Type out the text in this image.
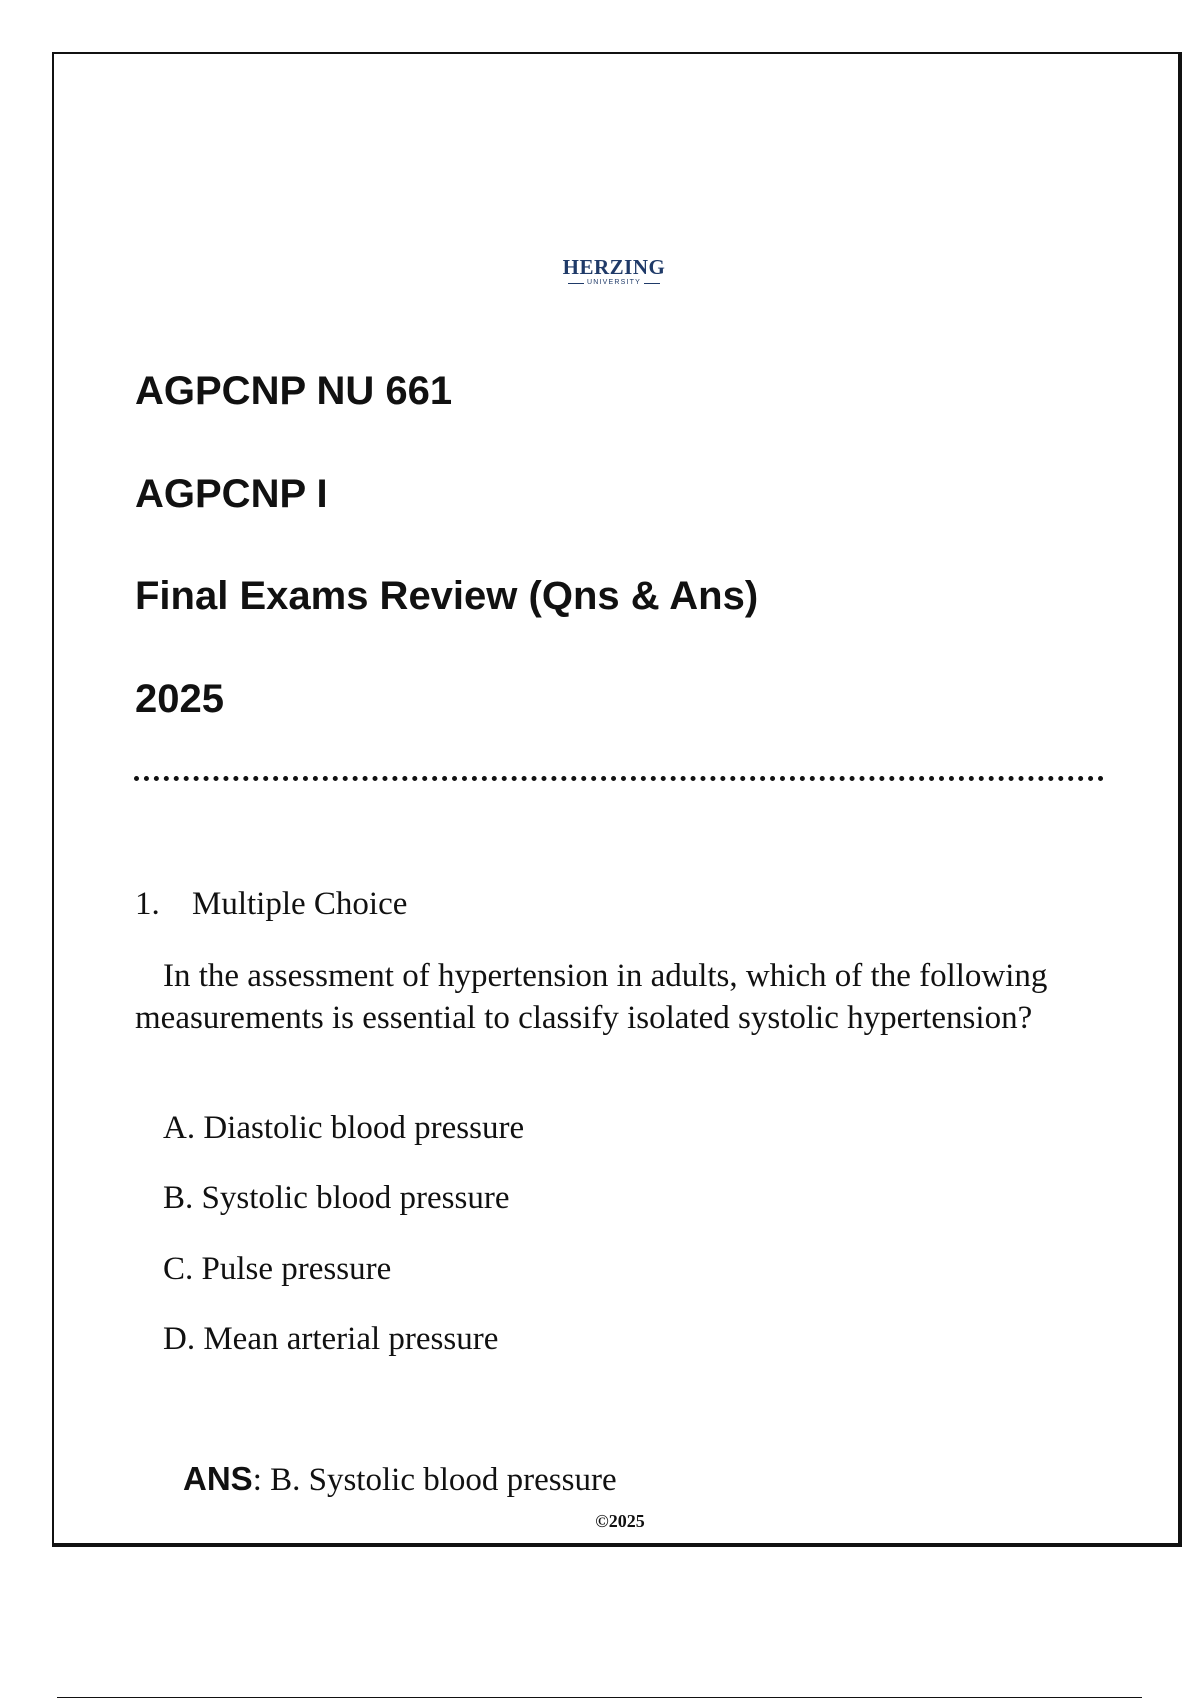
HERZING
UNIVERSITY
AGPCNP NU 661
AGPCNP I
Final Exams Review (Qns & Ans)
2025
1. Multiple Choice

In the assessment of hypertension in adults, which of the following measurements is essential to classify isolated systolic hypertension?

A. Diastolic blood pressure
B. Systolic blood pressure
C. Pulse pressure
D. Mean arterial pressure
ANS: B. Systolic blood pressure
©2025
